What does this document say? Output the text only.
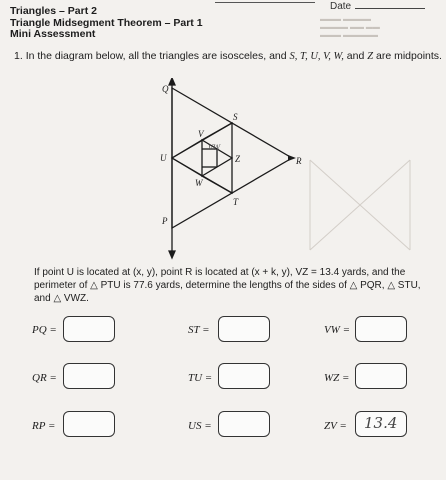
Date
Triangles – Part 2
Triangle Midsegment Theorem – Part 1
Mini Assessment
▬▬▬ ▬▬▬▬
▬▬▬▬ ▬▬ ▬▬
▬▬▬ ▬▬▬▬▬
1. In the diagram below, all the triangles are isosceles, and S, T, U, V, W, and Z are midpoints.
Q
S
V
U	Z
W
R
T
P
VW
If point U is located at (x, y), point R is located at (x + k, y), VZ = 13.4 yards, and the perimeter of △ PTU is 77.6 yards, determine the lengths of the sides of △ PQR, △ STU, and △ VWZ.
PQ =	ST =	VW =
QR =	TU =	WZ =
RP =	US =	ZV = 13.4
